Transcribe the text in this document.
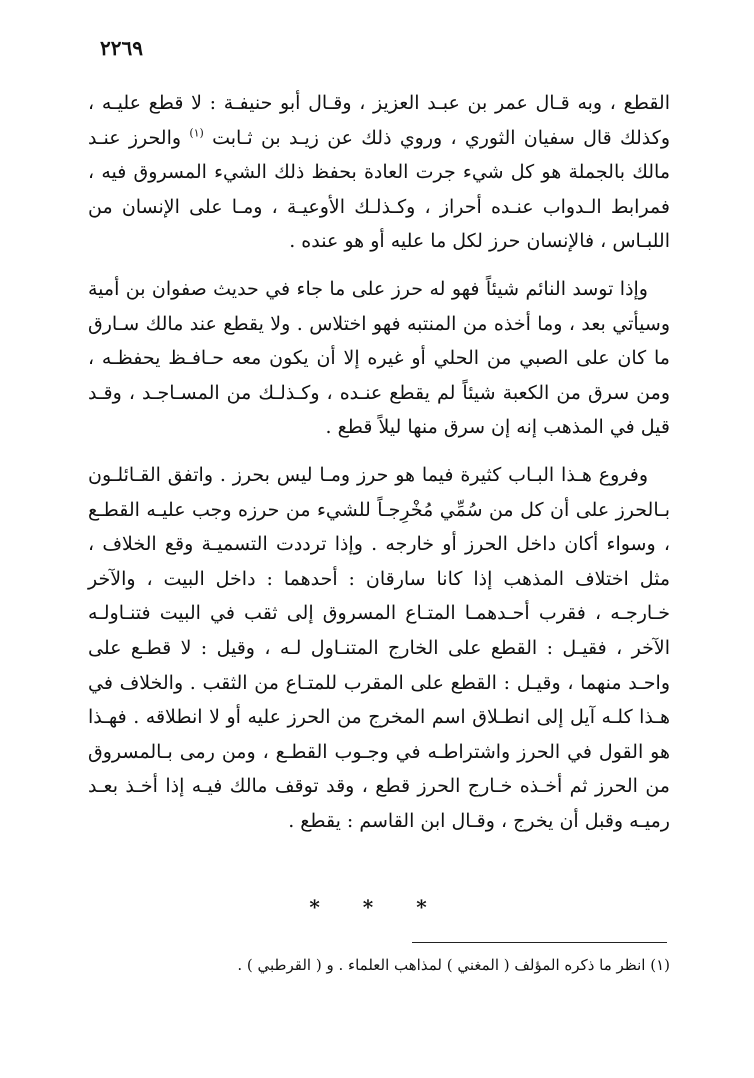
٢٢٦٩

القطع ، وبه قـال عمر بن عبـد العزيز ، وقـال أبو حنيفـة : لا قطع عليـه ، وكذلك قال سفيان الثوري ، وروي ذلك عن زيـد بن ثـابت $^{(١)}$ والحرز عنـد مالك بالجملة هو كل شيء جرت العادة بحفظ ذلك الشيء المسروق فيه ، فمرابط الـدواب عنـده أحراز ، وكـذلـك الأوعيـة ، ومـا على الإنسان من اللبـاس ، فالإنسان حرز لكل ما عليه أو هو عنده .

وإذا توسد النائم شيئاً فهو له حرز على ما جاء في حديث صفوان بن أمية وسيأتي بعد ، وما أخذه من المنتبه فهو اختلاس . ولا يقطع عند مالك سـارق ما كان على الصبي من الحلي أو غيره إلا أن يكون معه حـافـظ يحفظـه ، ومن سرق من الكعبة شيئاً لم يقطع عنـده ، وكـذلـك من المسـاجـد ، وقـد قيل في المذهب إنه إن سرق منها ليلاً قطع .

وفروع هـذا البـاب كثيرة فيما هو حرز ومـا ليس بحرز . واتفق القـائلـون بـالحرز على أن كل من سُمِّي مُخْرِجـاً للشيء من حرزه وجب عليـه القطـع ، وسواء أكان داخل الحرز أو خارجه . وإذا ترددت التسميـة وقع الخلاف ، مثل اختلاف المذهب إذا كانا سارقان : أحدهما : داخل البيت ، والآخر خـارجـه ، فقرب أحـدهمـا المتـاع المسروق إلى ثقب في البيت فتنـاولـه الآخر ، فقيـل : القطع على الخارج المتنـاول لـه ، وقيل : لا قطـع على واحـد منهما ، وقيـل : القطع على المقرب للمتـاع من الثقب . والخلاف في هـذا كلـه آيل إلى انطـلاق اسم المخرج من الحرز عليه أو لا انطلاقه . فهـذا هو القول في الحرز واشتراطـه في وجـوب القطـع ، ومن رمى بـالمسروق من الحرز ثم أخـذه خـارج الحرز قطع ، وقد توقف مالك فيـه إذا أخـذ بعـد رميـه وقبل أن يخرج ، وقـال ابن القاسم : يقطع .

* * *
(١) انظر ما ذكره المؤلف ( المغني ) لمذاهب العلماء . و ( القرطبي ) .
